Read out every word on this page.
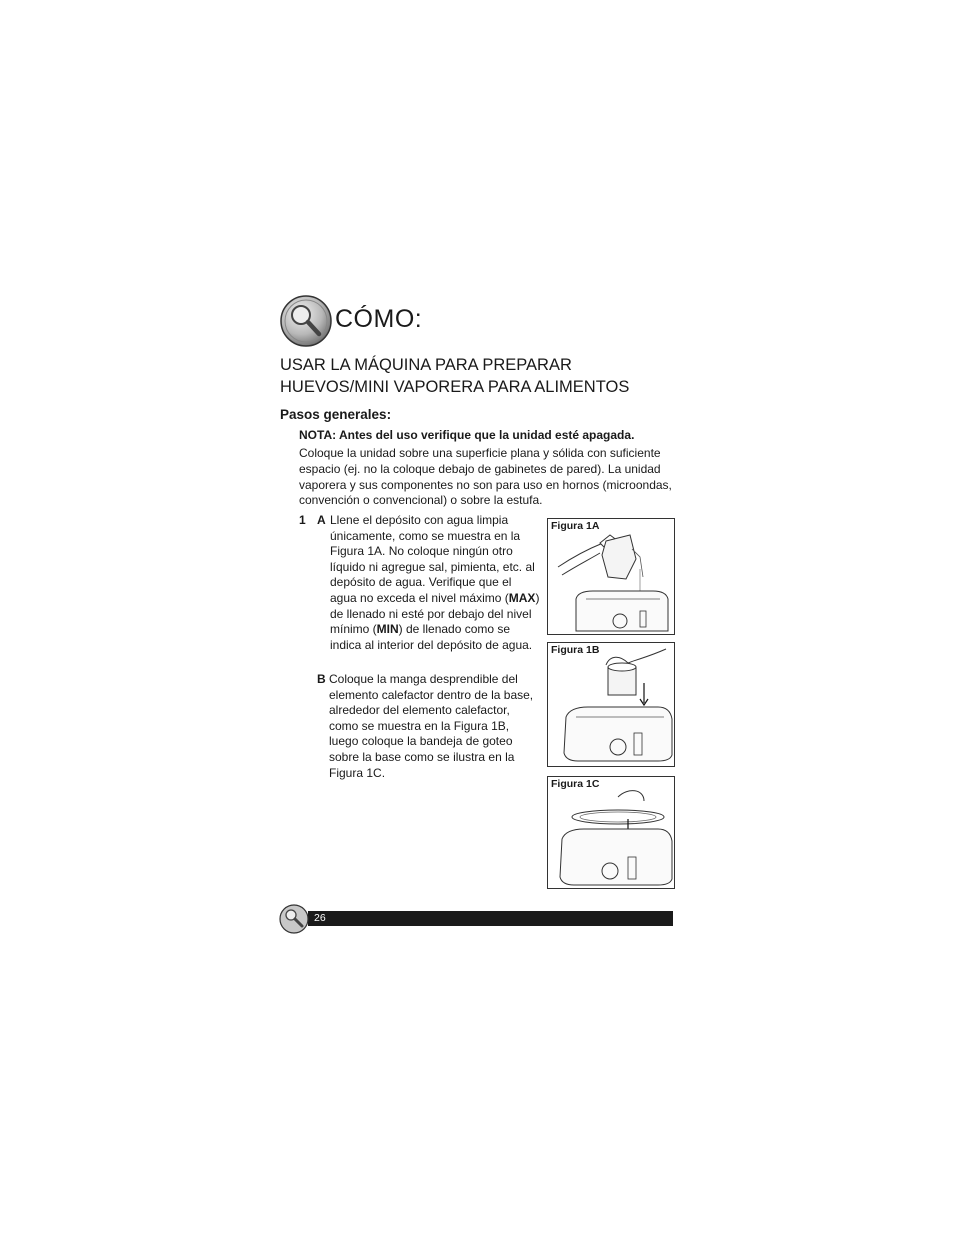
CÓMO:
USAR LA MÁQUINA PARA PREPARAR HUEVOS/MINI VAPORERA PARA ALIMENTOS
Pasos generales:
NOTA: Antes del uso verifique que la unidad esté apagada.
Coloque la unidad sobre una superficie plana y sólida con suficiente espacio (ej. no la coloque debajo de gabinetes de pared). La unidad vaporera y sus componentes no son para uso en hornos (microondas, convención o convencional) o sobre la estufa.
1 A Llene el depósito con agua limpia únicamente, como se muestra en la Figura 1A. No coloque ningún otro líquido ni agregue sal, pimienta, etc. al depósito de agua. Verifique que el agua no exceda el nivel máximo (MAX) de llenado ni esté por debajo del nivel mínimo (MIN) de llenado como se indica al interior del depósito de agua.
B Coloque la manga desprendible del elemento calefactor dentro de la base, alrededor del elemento calefactor, como se muestra en la Figura 1B, luego coloque la bandeja de goteo sobre la base como se ilustra en la Figura 1C.
Figura 1A
Figura 1B
Figura 1C
26
